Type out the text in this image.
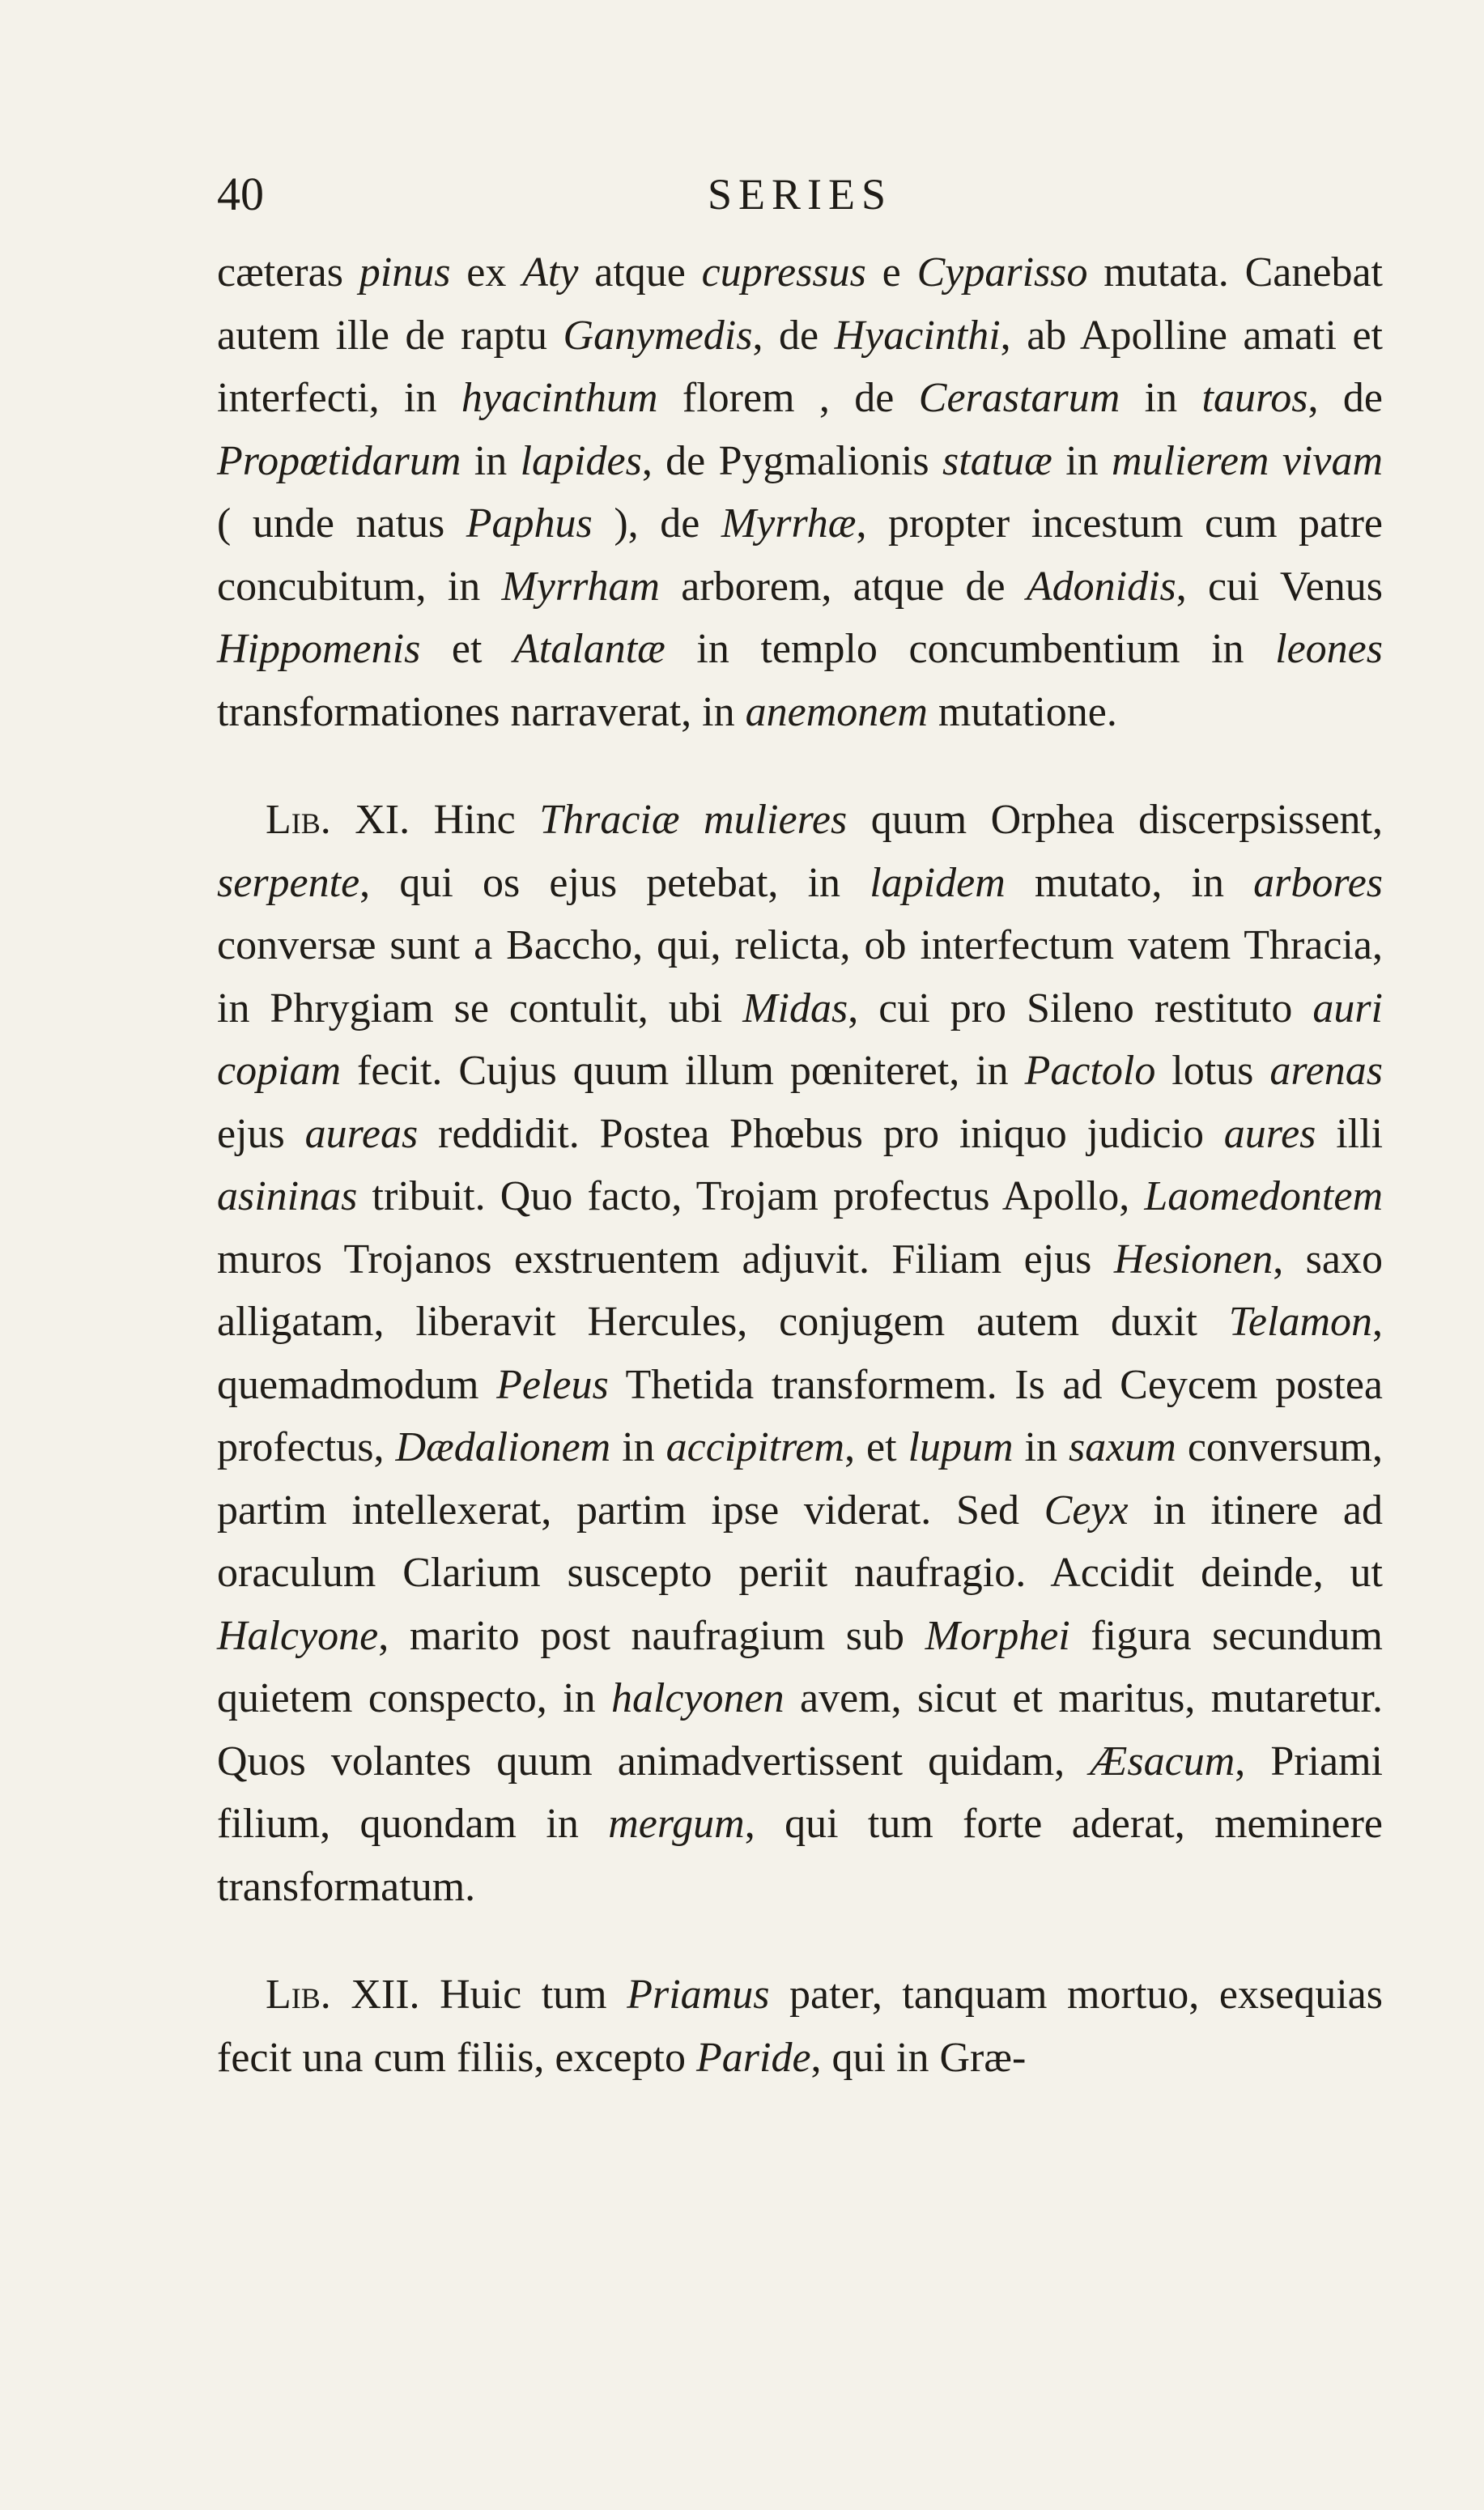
40	SERIES

cæteras pinus ex Aty atque cupressus e Cyparisso mutata. Canebat autem ille de raptu Ganymedis, de Hyacinthi, ab Apolline amati et interfecti, in hyacinthum florem , de Cerastarum in tauros, de Propœtidarum in lapides, de Pygmalionis statuæ in mulierem vivam ( unde natus Paphus ), de Myrrhæ, propter incestum cum patre concubitum, in Myrrham arborem, atque de Adonidis, cui Venus Hippomenis et Atalantæ in templo concumbentium in leones transformationes narraverat, in anemonem mutatione.

Lib. XI. Hinc Thraciæ mulieres quum Orphea discerpsissent, serpente, qui os ejus petebat, in lapidem mutato, in arbores conversæ sunt a Baccho, qui, relicta, ob interfectum vatem Thracia, in Phrygiam se contulit, ubi Midas, cui pro Sileno restituto auri copiam fecit. Cujus quum illum pœniteret, in Pactolo lotus arenas ejus aureas reddidit. Postea Phœbus pro iniquo judicio aures illi asininas tribuit. Quo facto, Trojam profectus Apollo, Laomedontem muros Trojanos exstruentem adjuvit. Filiam ejus Hesionen, saxo alligatam, liberavit Hercules, conjugem autem duxit Telamon, quemadmodum Peleus Thetida transformem. Is ad Ceycem postea profectus, Dædalionem in accipitrem, et lupum in saxum conversum, partim intellexerat, partim ipse viderat. Sed Ceyx in itinere ad oraculum Clarium suscepto periit naufragio. Accidit deinde, ut Halcyone, marito post naufragium sub Morphei figura secundum quietem conspecto, in halcyonen avem, sicut et maritus, mutaretur. Quos volantes quum animadvertissent quidam, Æsacum, Priami filium, quondam in mergum, qui tum forte aderat, meminere transformatum.

Lib. XII. Huic tum Priamus pater, tanquam mortuo, exsequias fecit una cum filiis, excepto Paride, qui in Græ-
